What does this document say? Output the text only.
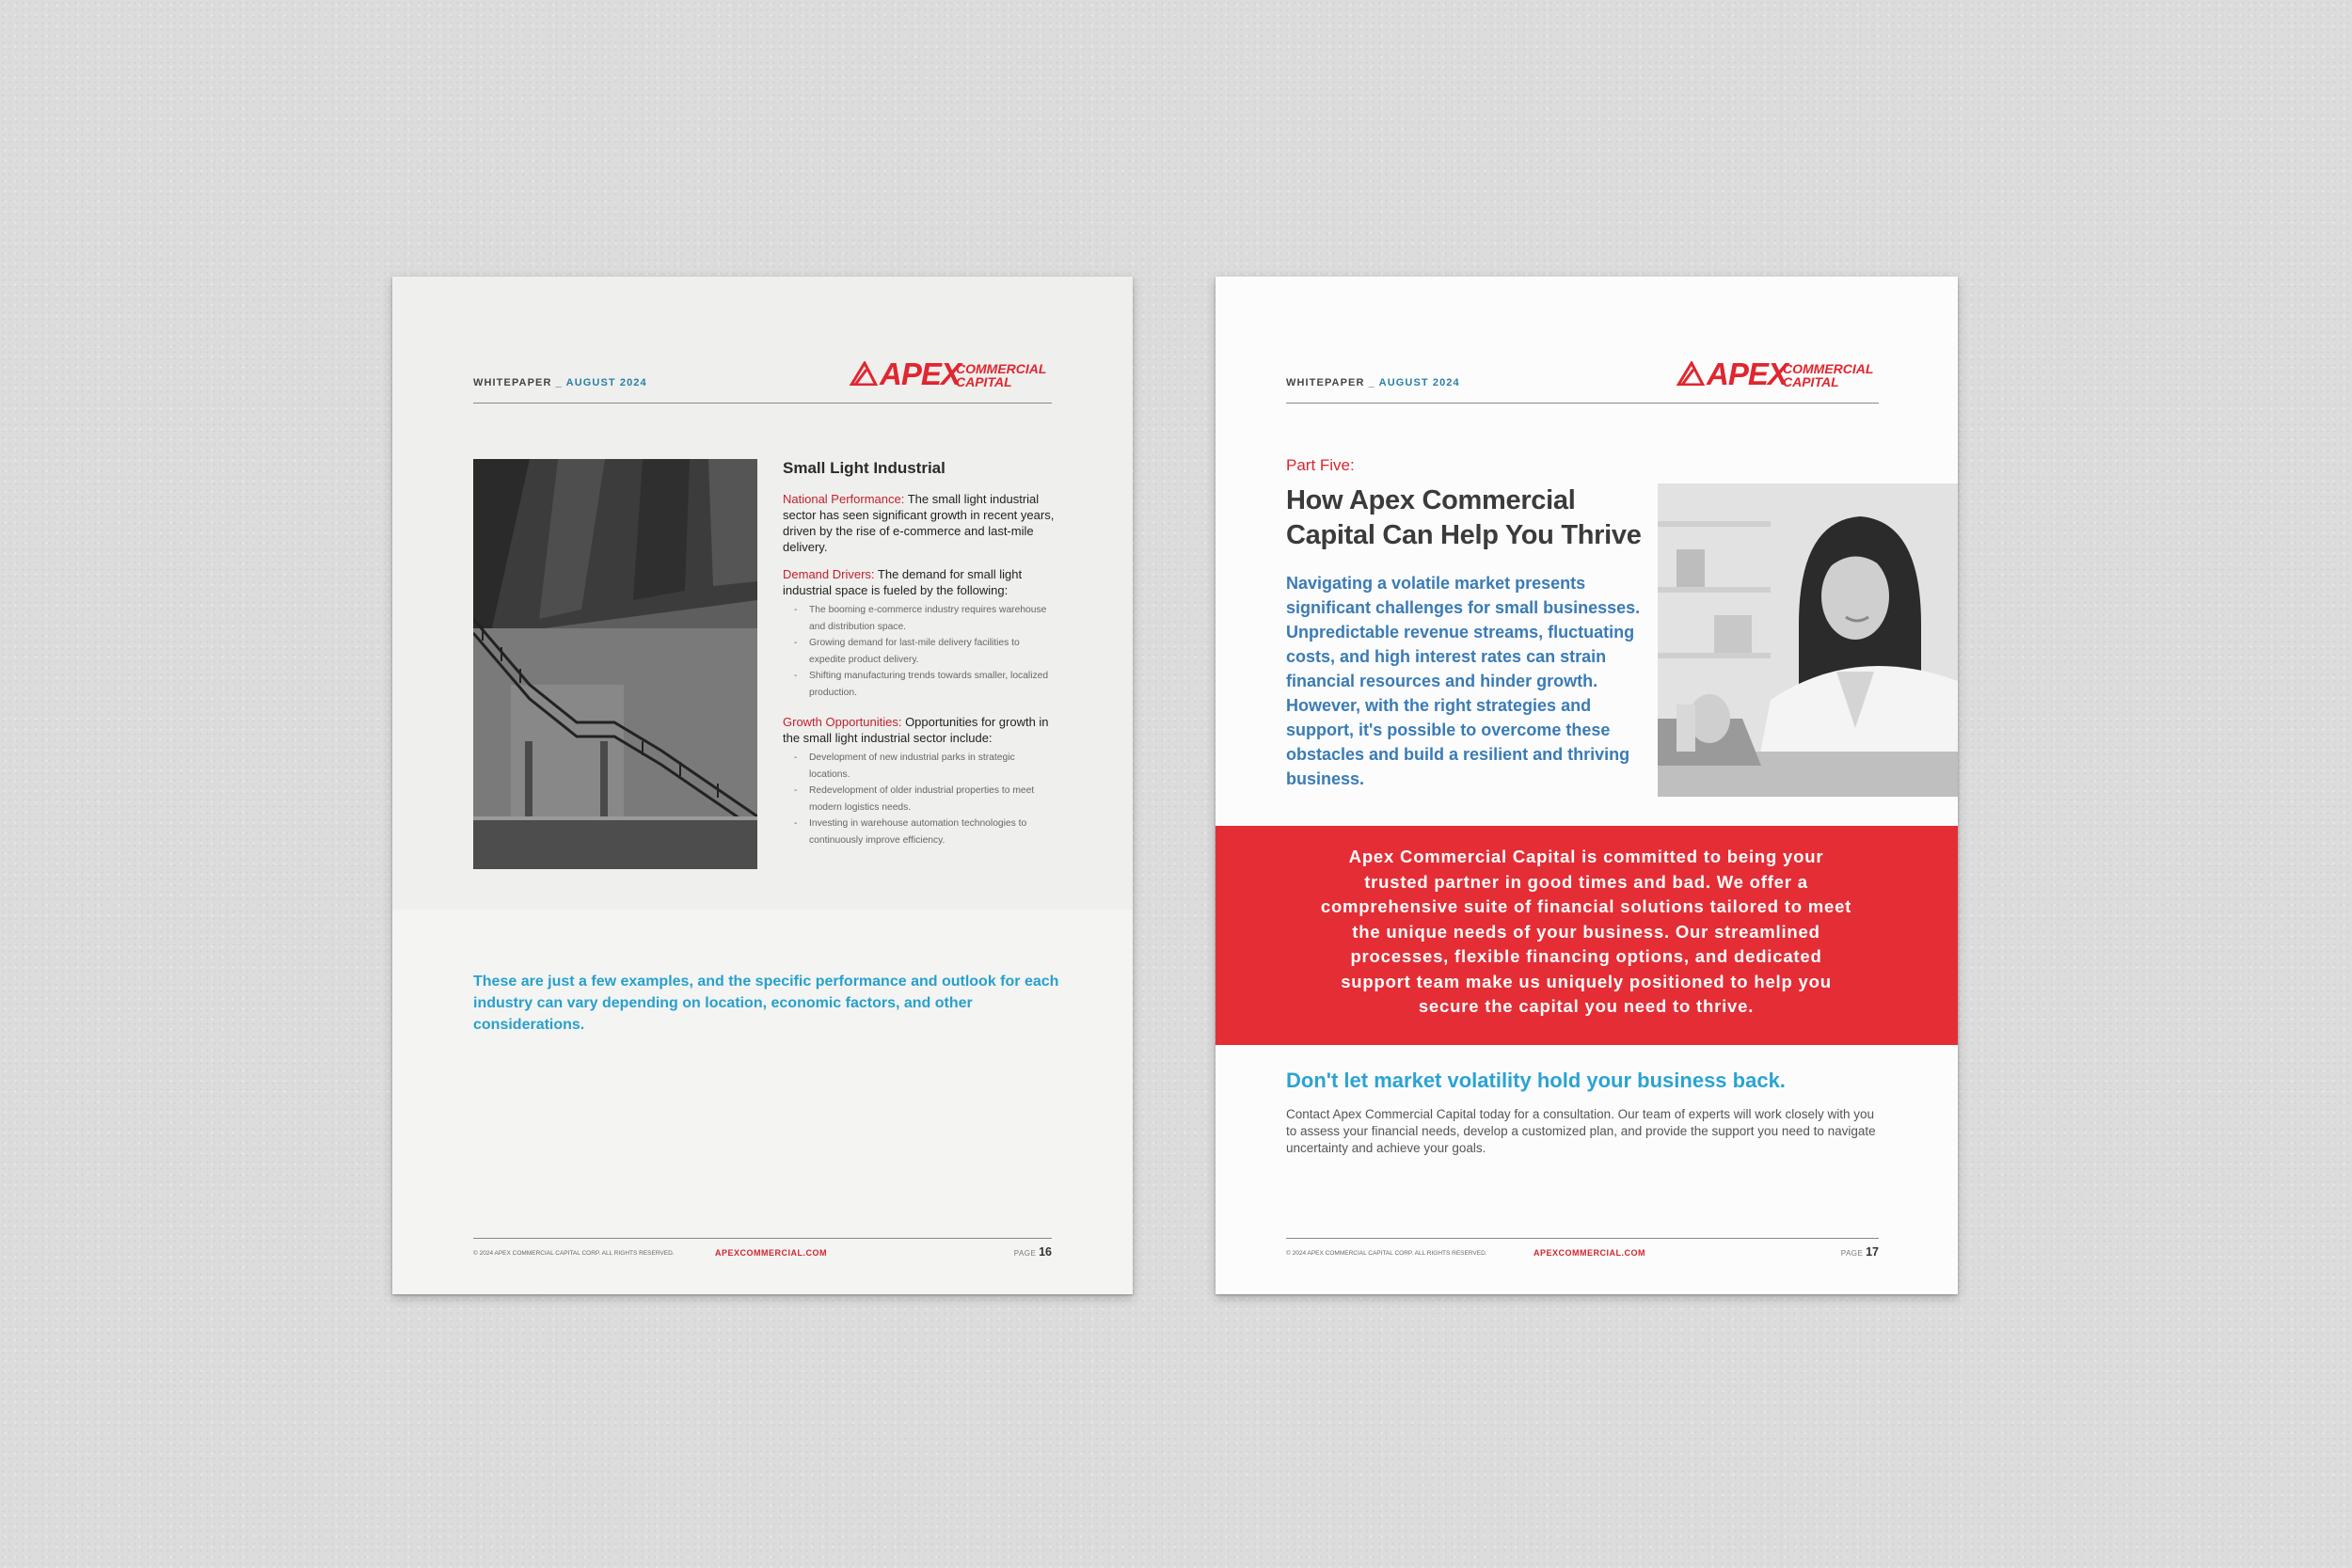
WHITEPAPER _ AUGUST 2024	APEX
COMMERCIAL
CAPITAL
Small Light Industrial

National Performance: The small light industrial sector has seen significant growth in recent years, driven by the rise of e-commerce and last-mile delivery.

Demand Drivers: The demand for small light industrial space is fueled by the following:

- The booming e-commerce industry requires warehouse and distribution space.
- Growing demand for last-mile delivery facilities to expedite product delivery.
- Shifting manufacturing trends towards smaller, localized production.

Growth Opportunities: Opportunities for growth in the small light industrial sector include:

- Development of new industrial parks in strategic locations.
- Redevelopment of older industrial properties to meet modern logistics needs.
- Investing in warehouse automation technologies to continuously improve efficiency.

These are just a few examples, and the specific performance and outlook for each industry can vary depending on location, economic factors, and other considerations.

© 2024 APEX COMMERCIAL CAPITAL CORP. ALL RIGHTS RESERVED.	APEXCOMMERCIAL.COM	PAGE 16
WHITEPAPER _ AUGUST 2024	APEX
COMMERCIAL
CAPITAL
Part Five:
How Apex Commercial Capital Can Help You Thrive

Navigating a volatile market presents significant challenges for small businesses. Unpredictable revenue streams, fluctuating costs, and high interest rates can strain financial resources and hinder growth. However, with the right strategies and support, it's possible to overcome these obstacles and build a resilient and thriving business.

Apex Commercial Capital is committed to being your trusted partner in good times and bad. We offer a comprehensive suite of financial solutions tailored to meet the unique needs of your business. Our streamlined processes, flexible financing options, and dedicated support team make us uniquely positioned to help you secure the capital you need to thrive.

Don't let market volatility hold your business back.

Contact Apex Commercial Capital today for a consultation. Our team of experts will work closely with you to assess your financial needs, develop a customized plan, and provide the support you need to navigate uncertainty and achieve your goals.

© 2024 APEX COMMERCIAL CAPITAL CORP. ALL RIGHTS RESERVED.	APEXCOMMERCIAL.COM	PAGE 17
